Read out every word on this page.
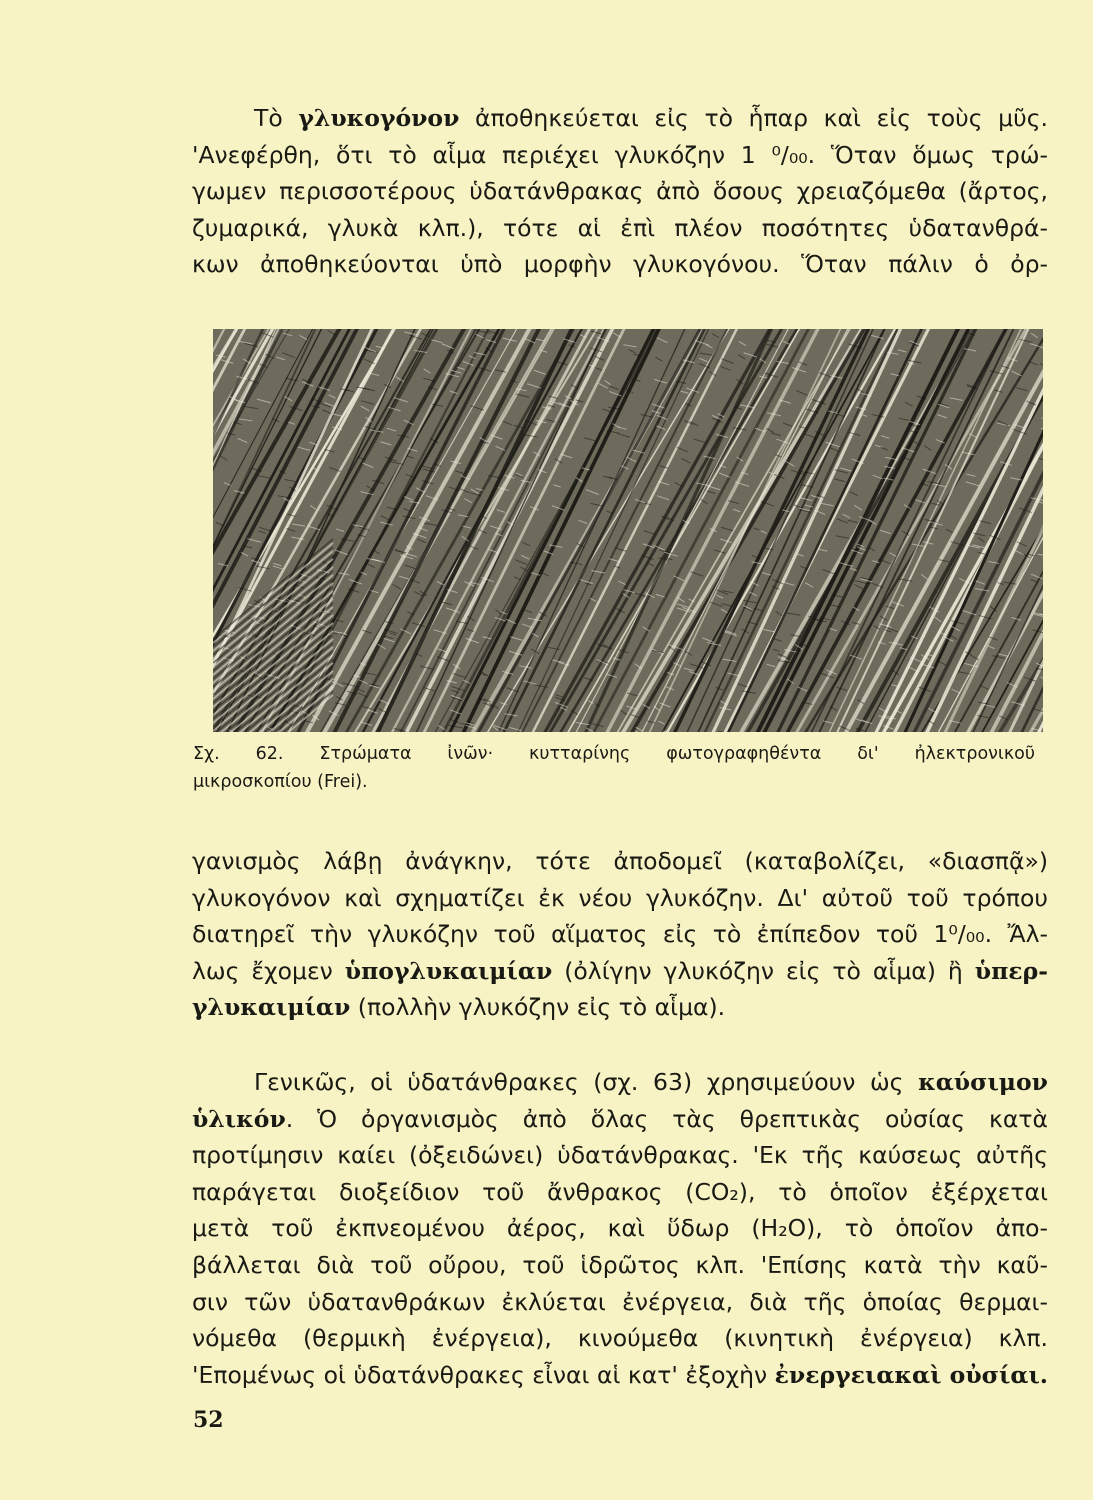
Τὸ γλυκογόνον ἀποθηκεύεται εἰς τὸ ἧπαρ καὶ εἰς τοὺς μῦς.
'Ανεφέρθη, ὅτι τὸ αἷμα περιέχει γλυκόζην 1 ⁰/₀₀. Ὅταν ὅμως τρώ-
γωμεν περισσοτέρους ὑδατάνθρακας ἀπὸ ὅσους χρειαζόμεθα (ἄρτος,
ζυμαρικά, γλυκὰ κλπ.), τότε αἱ ἐπὶ πλέον ποσότητες ὑδατανθρά-
κων ἀποθηκεύονται ὑπὸ μορφὴν γλυκογόνου. Ὅταν πάλιν ὁ ὀρ-

Σχ. 62. Στρώματα ἰνῶν· κυτταρίνης φωτογραφηθέντα δι' ἠλεκτρονικοῦ
μικροσκοπίου (Frei).

γανισμὸς λάβῃ ἀνάγκην, τότε ἀποδομεῖ (καταβολίζει, «διασπᾷ»)
γλυκογόνον καὶ σχηματίζει ἐκ νέου γλυκόζην. Δι' αὐτοῦ τοῦ τρόπου
διατηρεῖ τὴν γλυκόζην τοῦ αἵματος εἰς τὸ ἐπίπεδον τοῦ 1⁰/₀₀. Ἄλ-
λως ἔχομεν ὑπογλυκαιμίαν (ὀλίγην γλυκόζην εἰς τὸ αἷμα) ἢ ὑπερ-
γλυκαιμίαν (πολλὴν γλυκόζην εἰς τὸ αἷμα).

Γενικῶς, οἱ ὑδατάνθρακες (σχ. 63) χρησιμεύουν ὡς καύσιμον
ὑλικόν. Ὁ ὀργανισμὸς ἀπὸ ὅλας τὰς θρεπτικὰς οὐσίας κατὰ
προτίμησιν καίει (ὀξειδώνει) ὑδατάνθρακας. 'Εκ τῆς καύσεως αὐτῆς
παράγεται διοξείδιον τοῦ ἄνθρακος (CO₂), τὸ ὁποῖον ἐξέρχεται
μετὰ τοῦ ἐκπνεομένου ἀέρος, καὶ ὕδωρ (H₂O), τὸ ὁποῖον ἀπο-
βάλλεται διὰ τοῦ οὔρου, τοῦ ἱδρῶτος κλπ. 'Επίσης κατὰ τὴν καῦ-
σιν τῶν ὑδατανθράκων ἐκλύεται ἐνέργεια, διὰ τῆς ὁποίας θερμαι-
νόμεθα (θερμικὴ ἐνέργεια), κινούμεθα (κινητικὴ ἐνέργεια) κλπ.
'Επομένως οἱ ὑδατάνθρακες εἶναι αἱ κατ' ἐξοχὴν ἐνεργειακαὶ οὐσίαι.

52
